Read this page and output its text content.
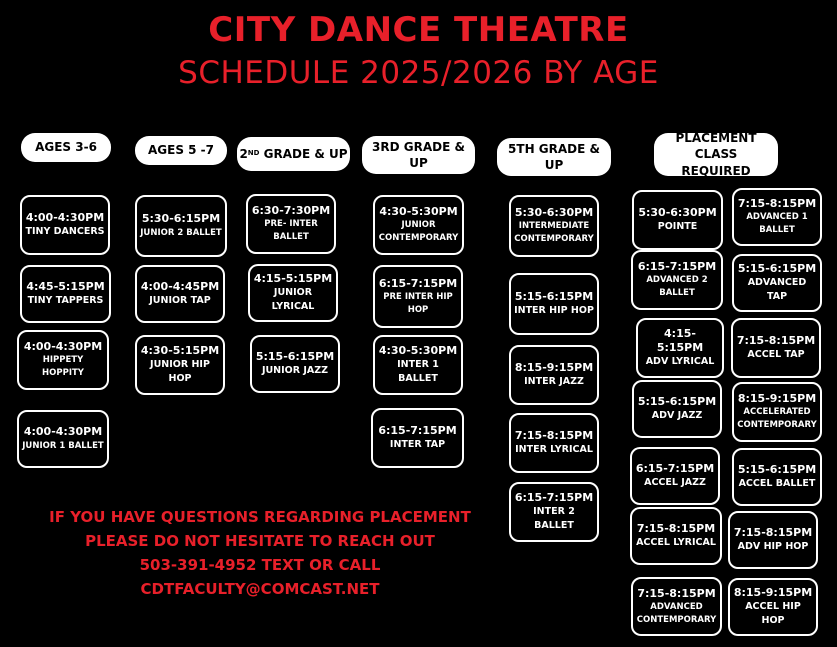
CITY DANCE THEATRE
SCHEDULE 2025/2026 BY AGE
AGES 3-6	AGES 5 -7	2 ND GRADE & UP
3RD GRADE & UP
5TH GRADE & UP
PLACEMENT CLASS REQUIRED
4:00-4:30PM
TINY DANCERS
4:45-5:15PM
TINY TAPPERS
4:00-4:30PM
HIPPETY HOPPITY
4:00-4:30PM
JUNIOR 1 BALLET
5:30-6:15PM
JUNIOR 2 BALLET
4:00-4:45PM
JUNIOR TAP
4:30-5:15PM
JUNIOR HIP HOP
6:30-7:30PM
PRE- INTER BALLET
4:15-5:15PM
JUNIOR LYRICAL
5:15-6:15PM
JUNIOR JAZZ
4:30-5:30PM
JUNIOR CONTEMPORARY
6:15-7:15PM
PRE INTER HIP HOP
4:30-5:30PM
INTER 1 BALLET
6:15-7:15PM
INTER TAP
5:30-6:30PM
INTERMEDIATE CONTEMPORARY
5:15-6:15PM
INTER HIP HOP
8:15-9:15PM
INTER JAZZ
7:15-8:15PM
INTER LYRICAL
6:15-7:15PM
INTER 2 BALLET
5:30-6:30PM
POINTE
6:15-7:15PM
ADVANCED 2 BALLET
4:15-5:15PM
ADV LYRICAL
5:15-6:15PM
ADV JAZZ
6:15-7:15PM
ACCEL JAZZ
7:15-8:15PM
ACCEL LYRICAL
7:15-8:15PM
ADVANCED CONTEMPORARY
7:15-8:15PM
ADVANCED 1 BALLET
5:15-6:15PM
ADVANCED TAP
7:15-8:15PM
ACCEL TAP
8:15-9:15PM
ACCELERATED CONTEMPORARY
5:15-6:15PM
ACCEL BALLET
7:15-8:15PM
ADV HIP HOP
8:15-9:15PM
ACCEL HIP HOP
IF YOU HAVE QUESTIONS REGARDING PLACEMENT
PLEASE DO NOT HESITATE TO REACH OUT
503-391-4952 TEXT OR CALL
CDTFACULTY@COMCAST.NET
